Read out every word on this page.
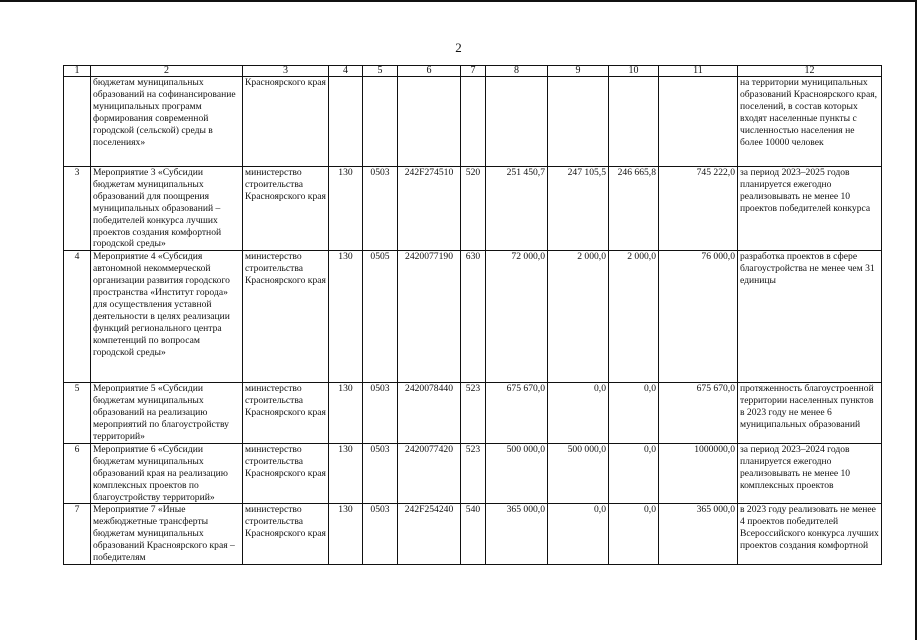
2
1	2	3	4	5	6	7	8	9	10	11	12
	бюджетам муниципальных образований на софинансирование муниципальных программ формирования современной городской (сельской) среды в поселениях»	Красноярского края									на территории муниципальных образований Красноярского края, поселений, в состав которых входят населенные пункты с численностью населения не более 10000 человек
3	Мероприятие 3 «Субсидии бюджетам муниципальных образований для поощрения муниципальных образований – победителей конкурса лучших проектов создания комфортной городской среды»	министерство строительства Красноярского края	130	0503	242F274510	520	251 450,7	247 105,5	246 665,8	745 222,0	за период 2023–2025 годов планируется ежегодно реализовывать не менее 10 проектов победителей конкурса
4	Мероприятие 4 «Субсидия автономной некоммерческой организации развития городского пространства «Институт города» для осуществления уставной деятельности в целях реализации функций регионального центра компетенций по вопросам городской среды»	министерство строительства Красноярского края	130	0505	2420077190	630	72 000,0	2 000,0	2 000,0	76 000,0	разработка проектов в сфере благоустройства не менее чем 31 единицы
5	Мероприятие 5 «Субсидии бюджетам муниципальных образований на реализацию мероприятий по благоустройству территорий»	министерство строительства Красноярского края	130	0503	2420078440	523	675 670,0	0,0	0,0	675 670,0	протяженность благоустроенной территории населенных пунктов в 2023 году не менее 6 муниципальных образований
6	Мероприятие 6 «Субсидии бюджетам муниципальных образований края на реализацию комплексных проектов по благоустройству территорий»	министерство строительства Красноярского края	130	0503	2420077420	523	500 000,0	500 000,0	0,0	1000000,0	за период 2023–2024 годов планируется ежегодно реализовывать не менее 10 комплексных проектов
7	Мероприятие 7 «Иные межбюджетные трансферты бюджетам муниципальных образований Красноярского края – победителям	министерство строительства Красноярского края	130	0503	242F254240	540	365 000,0	0,0	0,0	365 000,0	в 2023 году реализовать не менее 4 проектов победителей Всероссийского конкурса лучших проектов создания комфортной
